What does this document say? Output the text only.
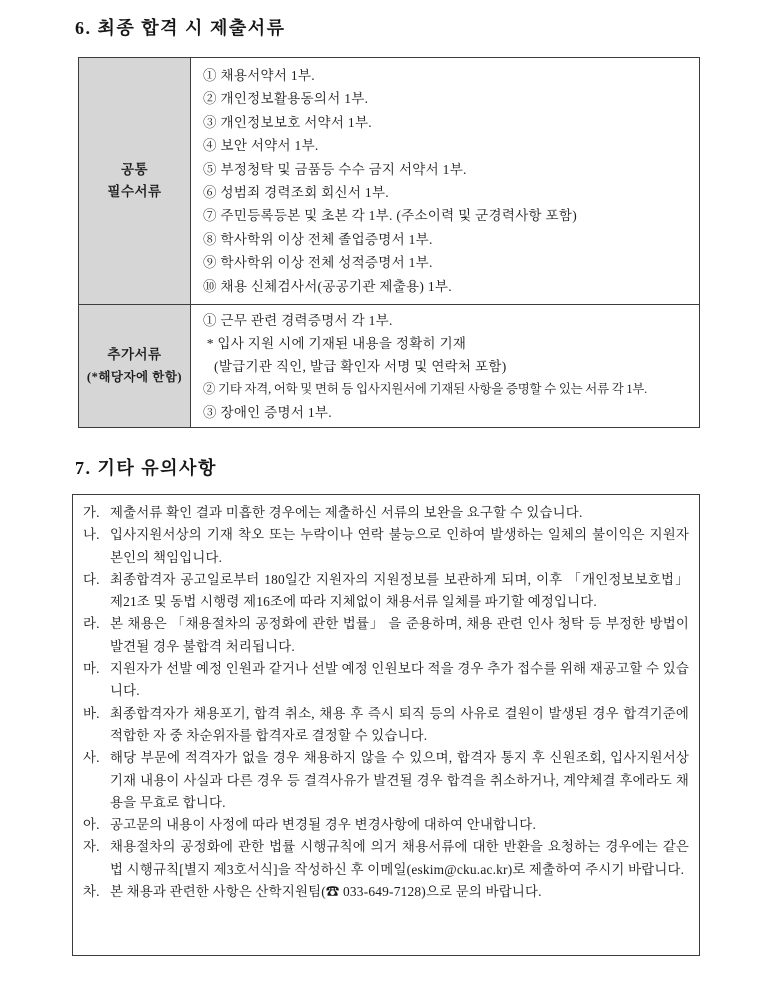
6. 최종 합격 시 제출서류
공통
필수서류

① 채용서약서 1부.
② 개인정보활용동의서 1부.
③ 개인정보보호 서약서 1부.
④ 보안 서약서 1부.
⑤ 부정청탁 및 금품등 수수 금지 서약서 1부.
⑥ 성범죄 경력조회 회신서 1부.
⑦ 주민등록등본 및 초본 각 1부. (주소이력 및 군경력사항 포함)
⑧ 학사학위 이상 전체 졸업증명서 1부.
⑨ 학사학위 이상 전체 성적증명서 1부.
⑩ 채용 신체검사서(공공기관 제출용) 1부.

추가서류
(*해당자에 한함)

① 근무 관련 경력증명서 각 1부.
* 입사 지원 시에 기재된 내용을 정확히 기재
(발급기관 직인, 발급 확인자 서명 및 연락처 포함)
② 기타 자격, 어학 및 면허 등 입사지원서에 기재된 사항을 증명할 수 있는 서류 각 1부.
③ 장애인 증명서 1부.
7. 기타 유의사항
가. 제출서류 확인 결과 미흡한 경우에는 제출하신 서류의 보완을 요구할 수 있습니다.
나. 입사지원서상의 기재 착오 또는 누락이나 연락 불능으로 인하여 발생하는 일체의 불이익은 지원자 본인의 책임입니다.
다. 최종합격자 공고일로부터 180일간 지원자의 지원정보를 보관하게 되며, 이후 「개인정보보호법」 제21조 및 동법 시행령 제16조에 따라 지체없이 채용서류 일체를 파기할 예정입니다.
라. 본 채용은 「채용절차의 공정화에 관한 법률」 을 준용하며, 채용 관련 인사 청탁 등 부정한 방법이 발견될 경우 불합격 처리됩니다.
마. 지원자가 선발 예정 인원과 같거나 선발 예정 인원보다 적을 경우 추가 접수를 위해 재공고할 수 있습니다.
바. 최종합격자가 채용포기, 합격 취소, 채용 후 즉시 퇴직 등의 사유로 결원이 발생된 경우 합격기준에 적합한 자 중 차순위자를 합격자로 결정할 수 있습니다.
사. 해당 부문에 적격자가 없을 경우 채용하지 않을 수 있으며, 합격자 통지 후 신원조회, 입사지원서상 기재 내용이 사실과 다른 경우 등 결격사유가 발견될 경우 합격을 취소하거나, 계약체결 후에라도 채용을 무효로 합니다.
아. 공고문의 내용이 사정에 따라 변경될 경우 변경사항에 대하여 안내합니다.
자. 채용절차의 공정화에 관한 법률 시행규칙에 의거 채용서류에 대한 반환을 요청하는 경우에는 같은 법 시행규칙[별지 제3호서식]을 작성하신 후 이메일(eskim@cku.ac.kr)로 제출하여 주시기 바랍니다.
차. 본 채용과 관련한 사항은 산학지원팀(☎ 033-649-7128)으로 문의 바랍니다.
